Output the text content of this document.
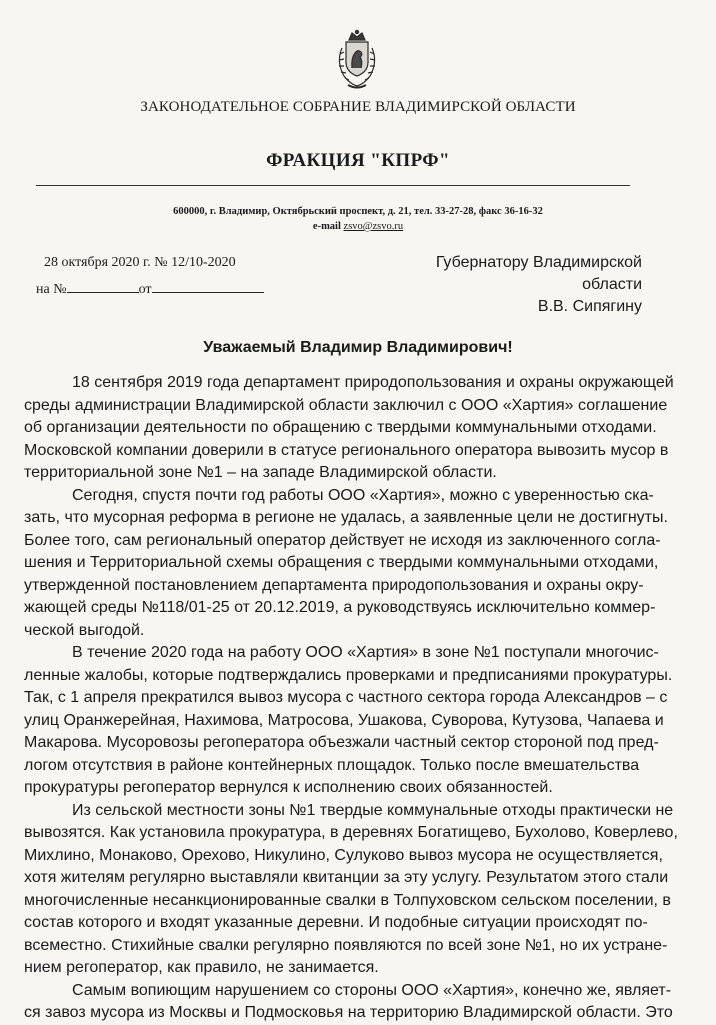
ЗАКОНОДАТЕЛЬНОЕ СОБРАНИЕ ВЛАДИМИРСКОЙ ОБЛАСТИ
ФРАКЦИЯ "КПРФ"
600000, г. Владимир, Октябрьский проспект, д. 21, тел. 33-27-28, факс 36-16-32
e-mail zsvo@zsvo.ru
28 октября 2020 г. № 12/10-2020
на №	от
Губернатору Владимирской области
В.В. Сипягину
Уважаемый Владимир Владимирович!
18 сентября 2019 года департамент природопользования и охраны окружающей
среды администрации Владимирской области заключил с ООО «Хартия» соглашение
об организации деятельности по обращению с твердыми коммунальными отходами.
Московской компании доверили в статусе регионального оператора вывозить мусор в
территориальной зоне №1 – на западе Владимирской области.
Сегодня, спустя почти год работы ООО «Хартия», можно с уверенностью ска-
зать, что мусорная реформа в регионе не удалась, а заявленные цели не достигнуты.
Более того, сам региональный оператор действует не исходя из заключенного согла-
шения и Территориальной схемы обращения с твердыми коммунальными отходами,
утвержденной постановлением департамента природопользования и охраны окру-
жающей среды №118/01-25 от 20.12.2019, а руководствуясь исключительно коммер-
ческой выгодой.
В течение 2020 года на работу ООО «Хартия» в зоне №1 поступали многочис-
ленные жалобы, которые подтверждались проверками и предписаниями прокуратуры.
Так, с 1 апреля прекратился вывоз мусора с частного сектора города Александров – с
улиц Оранжерейная, Нахимова, Матросова, Ушакова, Суворова, Кутузова, Чапаева и
Макарова. Мусоровозы регоператора объезжали частный сектор стороной под пред-
логом отсутствия в районе контейнерных площадок. Только после вмешательства
прокуратуры регоператор вернулся к исполнению своих обязанностей.
Из сельской местности зоны №1 твердые коммунальные отходы практически не
вывозятся. Как установила прокуратура, в деревнях Богатищево, Бухолово, Коверлево,
Михлино, Монаково, Орехово, Никулино, Сулуково вывоз мусора не осуществляется,
хотя жителям регулярно выставляли квитанции за эту услугу. Результатом этого стали
многочисленные несанкционированные свалки в Толпуховском сельском поселении, в
состав которого и входят указанные деревни. И подобные ситуации происходят по-
всеместно. Стихийные свалки регулярно появляются по всей зоне №1, но их устране-
нием регоператор, как правило, не занимается.
Самым вопиющим нарушением со стороны ООО «Хартия», конечно же, являет-
ся завоз мусора из Москвы и Подмосковья на территорию Владимирской области. Это
